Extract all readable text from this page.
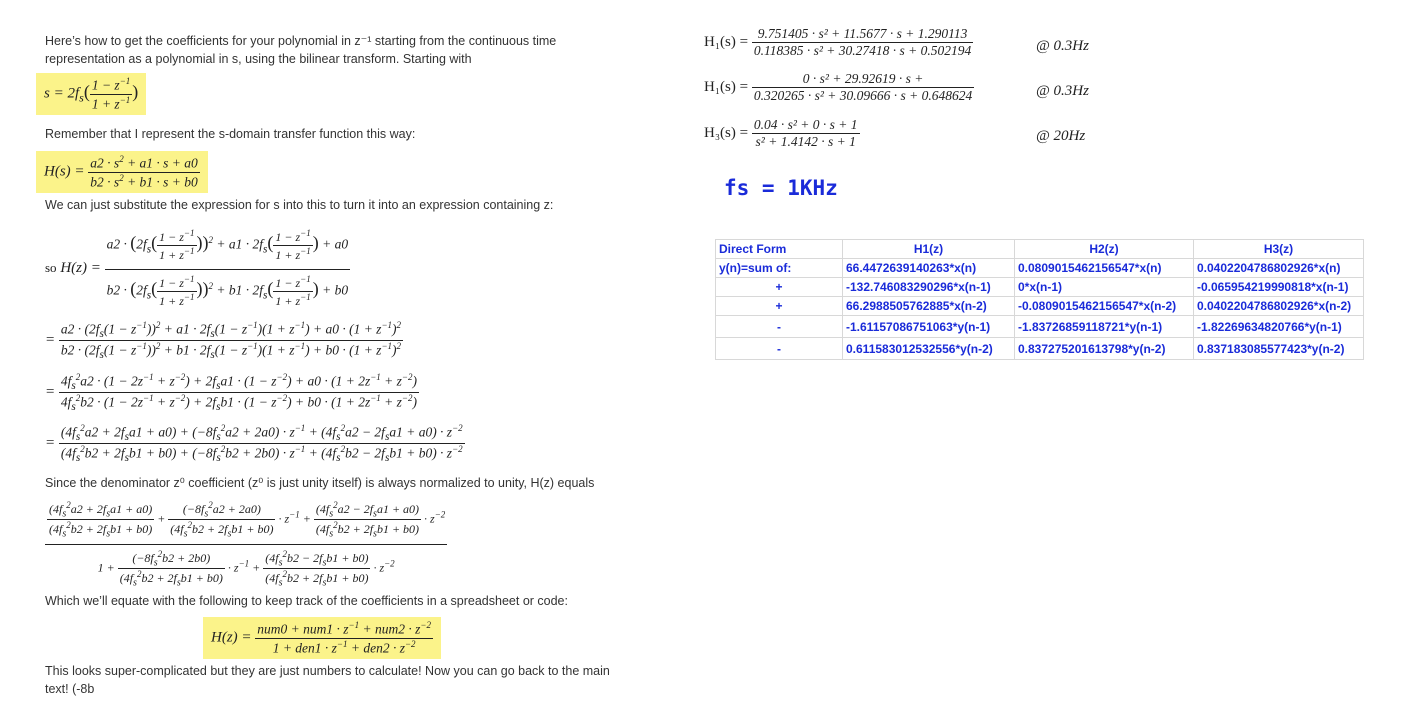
Here’s how to get the coefficients for your polynomial in z⁻¹ starting from the continuous time representation as a polynomial in s, using the bilinear transform. Starting with
$s = 2f_s( \frac{1 - z^{-1}}{1 + z^{-1}}$ )
Remember that I represent the s-domain transfer function this way:
$H(s) = \frac{a2 \cdot s^2 + a1 \cdot s + a0}{b2 \cdot s^2 + b1 \cdot s + b0}$
We can just substitute the expression for s into this to turn it into an expression containing z:
so $H(z) = \frac{a2 \cdot (2f_s( \frac{1 - z^{-1}}{1 + z^{-1}} ))^2 + a1 \cdot 2f_s( \frac{1 - z^{-1}}{1 + z^{-1}} ) + a0}{b2 \cdot (2f_s( \frac{1 - z^{-1}}{1 + z^{-1}} ))^2 + b1 \cdot 2f_s( \frac{1 - z^{-1}}{1 + z^{-1}} ) + b0}$
=
$a2 \cdot (2f_s(1 - z^{-1}))^2 + a1 \cdot 2f_s(1 - z^{-1})(1 + z^{-1}) + a0 \cdot (1 + z^{-1})^2$
$b2 \cdot (2f_s(1 - z^{-1}))^2 + b1 \cdot 2f_s(1 - z^{-1})(1 + z^{-1}) + b0 \cdot (1 + z^{-1})^2$
=
$4f_s^2a2 \cdot (1 - 2z^{-1} + z^{-2}) + 2f_sa1 \cdot (1 - z^{-2}) + a0 \cdot (1 + 2z^{-1} + z^{-2})$
$4f_s^2b2 \cdot (1 - 2z^{-1} + z^{-2}) + 2f_sb1 \cdot (1 - z^{-2}) + b0 \cdot (1 + 2z^{-1} + z^{-2})$
=
$(4f_s^2a2 + 2f_sa1 + a0) + (-8f_s^2a2 + 2a0) \cdot z^{-1} + (4f_s^2a2 - 2f_sa1 + a0) \cdot z^{-2}$
$(4f_s^2b2 + 2f_sb1 + b0) + (-8f_s^2b2 + 2b0) \cdot z^{-1} + (4f_s^2b2 - 2f_sb1 + b0) \cdot z^{-2}$
Since the denominator z⁰ coefficient (z⁰ is just unity itself) is always normalized to unity, H(z) equals
$\frac{(4f_s^2a2 + 2f_sa1 + a0)}{(4f_s^2b2 + 2f_sb1 + b0)} + \frac{(-8f_s^2a2 + 2a0)}{(4f_s^2b2 + 2f_sb1 + b0)} \cdot z^{-1} + \frac{(4f_s^2a2 - 2f_sa1 + a0)}{(4f_s^2b2 + 2f_sb1 + b0)} \cdot z^{-2}$
$1 + \frac{(-8f_s^2b2 + 2b0)}{(4f_s^2b2 + 2f_sb1 + b0)} \cdot z^{-1} + \frac{(4f_s^2b2 - 2f_sb1 + b0)}{(4f_s^2b2 + 2f_sb1 + b0)} \cdot z^{-2}$
Which we’ll equate with the following to keep track of the coefficients in a spreadsheet or code:
$H(z) = \frac{num0 + num1 \cdot z^{-1} + num2 \cdot z^{-2}}{1 + den1 \cdot z^{-1} + den2 \cdot z^{-2}}$
This looks super-complicated but they are just numbers to calculate! Now you can go back to the main text! (-8b
$H_1(s) = \frac{\text{9.751405 · s² + 11.5677 · s + 1.290113}}{\text{0.118385 · s² + 30.27418 · s + 0.502194}}$	@ 0.3Hz
$H_1(s) = \frac{\text{0 · s² + 29.92619 · s +}}{\text{0.320265 · s² + 30.09666 · s + 0.648624}}$	@ 0.3Hz
$H_3(s) = \frac{\text{0.04 · s² + 0 · s + 1}}{\text{s² + 1.4142 · s + 1}}$	@ 20Hz
fs = 1KHz
Direct Form	H1(z)	H2(z)	H3(z)
y(n)=sum of:	66.4472639140263*x(n)	0.0809015462156547*x(n)	0.0402204786802926*x(n)
+	-132.746083290296*x(n-1)	0*x(n-1)	-0.065954219990818*x(n-1)
+	66.2988505762885*x(n-2)	-0.0809015462156547*x(n-2)	0.0402204786802926*x(n-2)
-	-1.61157086751063*y(n-1)	-1.83726859118721*y(n-1)	-1.82269634820766*y(n-1)
-	0.611583012532556*y(n-2)	0.837275201613798*y(n-2)	0.837183085577423*y(n-2)
